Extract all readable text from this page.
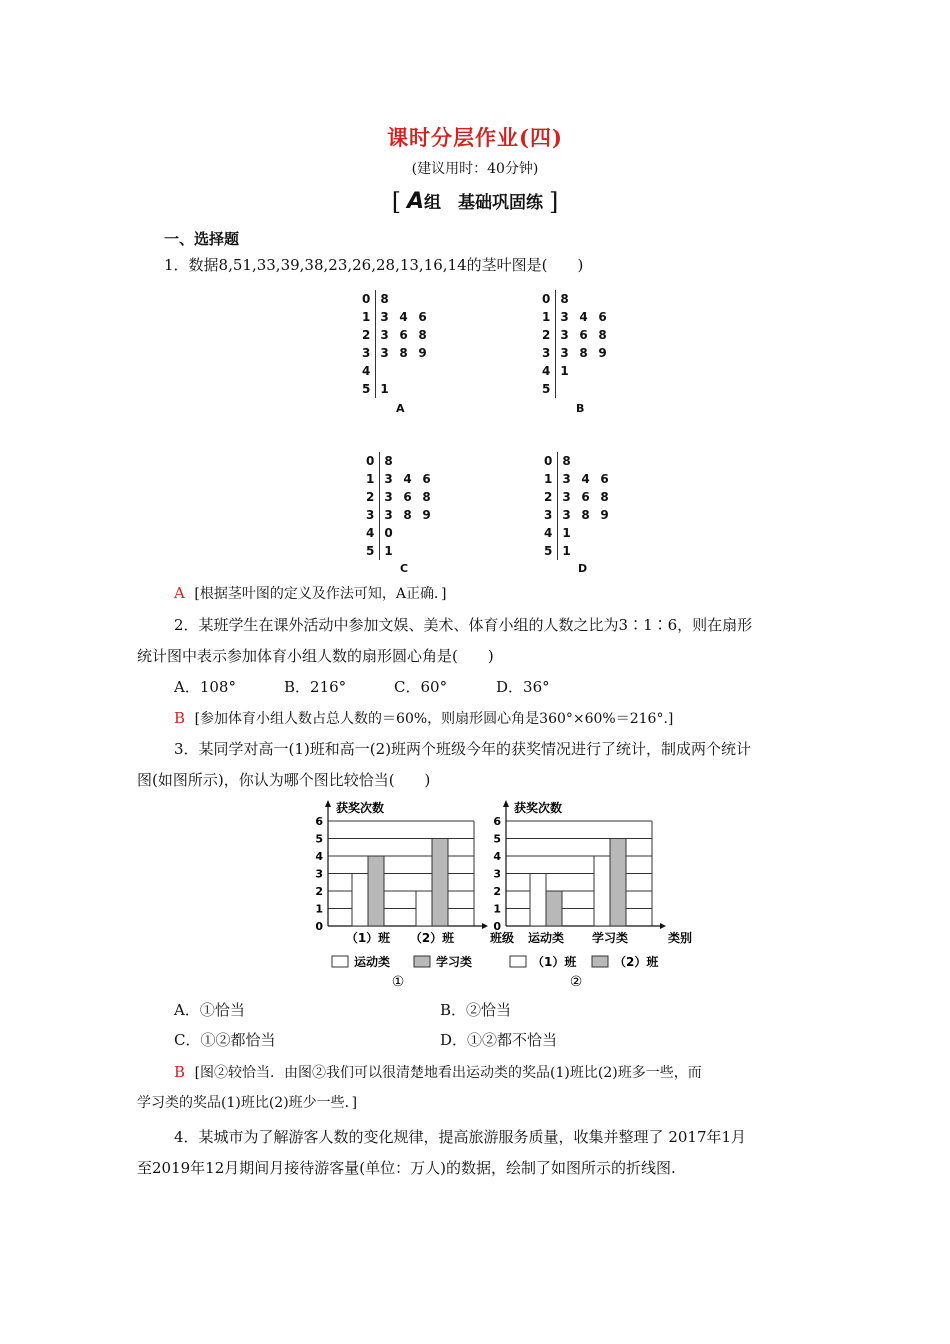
课时分层作业(四)
(建议用时：40分钟)
[ A组　基础巩固练 ]
一、选择题
1．数据8,51,33,39,38,23,26,28,13,16,14的茎叶图是(　　)
0	8
1	3 4 6
2	3 6 8
3	3 8 9
4	
5	1
A
0	8
1	3 4 6
2	3 6 8
3	3 8 9
4	1
5	
B
0	8
1	3 4 6
2	3 6 8
3	3 8 9
4	0
5	1
C
0	8
1	3 4 6
2	3 6 8
3	3 8 9
4	1
5	1
D
A [根据茎叶图的定义及作法可知，A正确．]
2．某班学生在课外活动中参加文娱、美术、体育小组的人数之比为3∶1∶6，则在扇形
统计图中表示参加体育小组人数的扇形圆心角是(　　)
A．108°	B．216°	C．60°	D．36°
B [参加体育小组人数占总人数的＝60%，则扇形圆心角是360°×60%＝216°.]
3．某同学对高一(1)班和高一(2)班两个班级今年的获奖情况进行了统计，制成两个统计
图(如图所示)，你认为哪个图比较恰当(　　)
0
1
2
3
4
5
6
获奖次数
班级
（1）班 （2）班
运动类	学习类
①
0
1
2
3
4
5
6
获奖次数
类别
运动类 学习类
（1）班	（2）班
②
A．①恰当	B．②恰当
C．①②都恰当	D．①②都不恰当
B [图②较恰当．由图②我们可以很清楚地看出运动类的奖品(1)班比(2)班多一些，而
学习类的奖品(1)班比(2)班少一些．]
4．某城市为了解游客人数的变化规律，提高旅游服务质量，收集并整理了 2017年1月
至2019年12月期间月接待游客量(单位：万人)的数据，绘制了如图所示的折线图.
